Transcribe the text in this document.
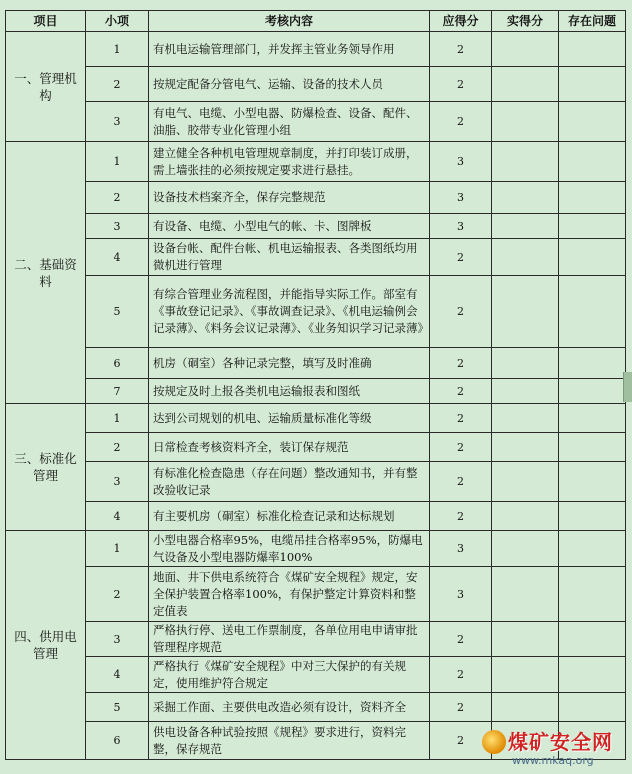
项目	小项	考核内容	应得分	实得分	存在问题
一、管理机构	1	有机电运输管理部门，并发挥主管业务领导作用	2		
	2	按规定配备分管电气、运输、设备的技术人员	2		
	3	有电气、电缆、小型电器、防爆检查、设备、配件、油脂、胶带专业化管理小组	2		
二、基础资料	1	建立健全各种机电管理规章制度，并打印装订成册，需上墙张挂的必须按规定要求进行悬挂。	3		
	2	设备技术档案齐全，保存完整规范	3		
	3	有设备、电缆、小型电气的帐、卡、图牌板	3		
	4	设备台帐、配件台帐、机电运输报表、各类图纸均用微机进行管理	2		
	5	有综合管理业务流程图，并能指导实际工作。部室有《事故登记记录》、《事故调查记录》、《机电运输例会记录薄》、《料务会议记录薄》、《业务知识学习记录薄》	2		
	6	机房（硐室）各种记录完整，填写及时准确	2		
	7	按规定及时上报各类机电运输报表和图纸	2		
三、标准化管理	1	达到公司规划的机电、运输质量标准化等级	2		
	2	日常检查考核资料齐全，装订保存规范	2		
	3	有标准化检查隐患（存在问题）整改通知书，并有整改验收记录	2		
	4	有主要机房（硐室）标准化检查记录和达标规划	2		
四、供用电管理	1	小型电器合格率95%，电缆吊挂合格率95%，防爆电气设备及小型电器防爆率100%	3		
	2	地面、井下供电系统符合《煤矿安全规程》规定，安全保护装置合格率100%，有保护整定计算资料和整定值表	3		
	3	严格执行停、送电工作票制度，各单位用电申请审批管理程序规范	2		
	4	严格执行《煤矿安全规程》中对三大保护的有关规定，使用维护符合规定	2		
	5	采掘工作面、主要供电改造必须有设计，资料齐全	2		
	6	供电设备各种试验按照《规程》要求进行，资料完整，保存规范	2		煤矿安全网
www.mkaq.org
